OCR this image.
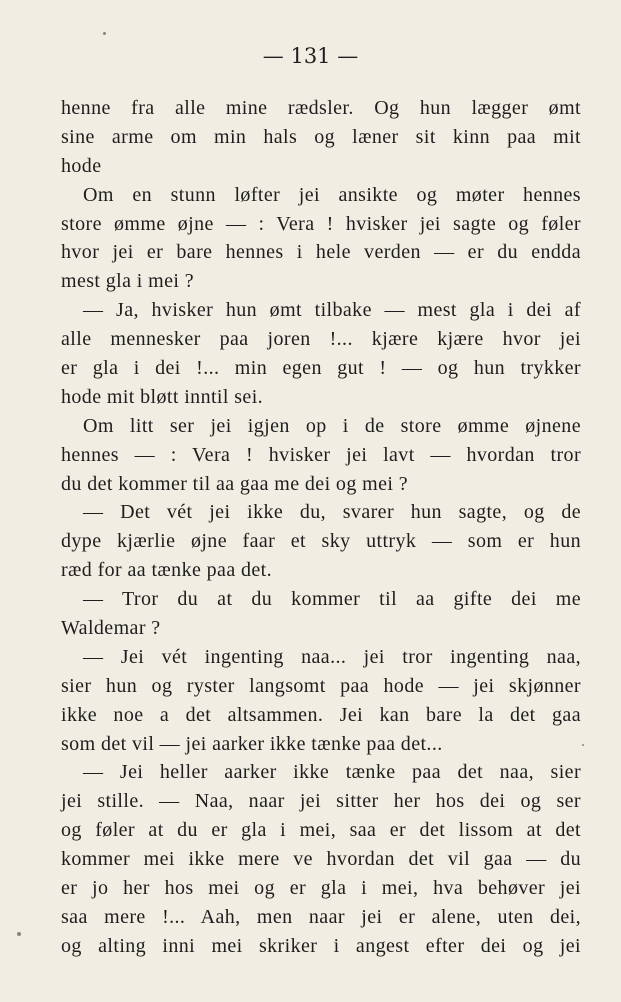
— 131 —
henne fra alle mine rædsler. Og hun lægger ømt
sine arme om min hals og læner sit kinn paa mit
hode
Om en stunn løfter jei ansikte og møter hennes
store ømme øjne — : Vera ! hvisker jei sagte og føler
hvor jei er bare hennes i hele verden — er du endda
mest gla i mei ?
— Ja, hvisker hun ømt tilbake — mest gla i dei af
alle mennesker paa joren !... kjære kjære hvor jei
er gla i dei !... min egen gut ! — og hun trykker
hode mit bløtt inntil sei.
Om litt ser jei igjen op i de store ømme øjnene
hennes — : Vera ! hvisker jei lavt — hvordan tror
du det kommer til aa gaa me dei og mei ?
— Det vét jei ikke du, svarer hun sagte, og de
dype kjærlie øjne faar et sky uttryk — som er hun
ræd for aa tænke paa det.
— Tror du at du kommer til aa gifte dei me
Waldemar ?
— Jei vét ingenting naa... jei tror ingenting naa,
sier hun og ryster langsomt paa hode — jei skjønner
ikke noe a det altsammen. Jei kan bare la det gaa
som det vil — jei aarker ikke tænke paa det...
— Jei heller aarker ikke tænke paa det naa, sier
jei stille. — Naa, naar jei sitter her hos dei og ser
og føler at du er gla i mei, saa er det lissom at det
kommer mei ikke mere ve hvordan det vil gaa — du
er jo her hos mei og er gla i mei, hva behøver jei
saa mere !... Aah, men naar jei er alene, uten dei,
og alting inni mei skriker i angest efter dei og jei
